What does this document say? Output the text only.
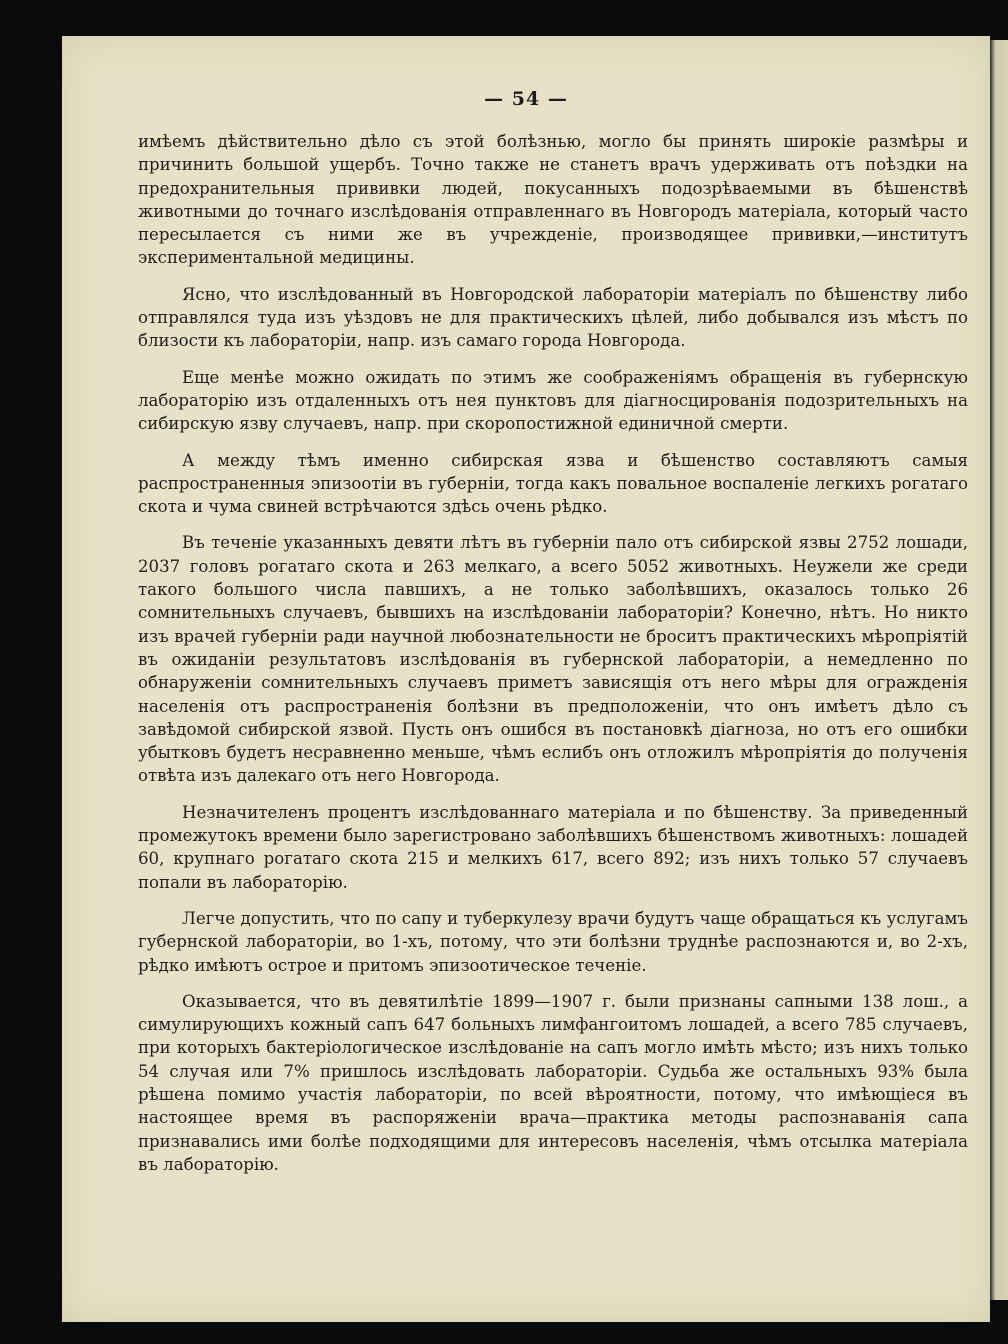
— 54 —

имѣемъ дѣйствительно дѣло съ этой болѣзнью, могло бы принять широкіе размѣры и причинить большой ущербъ. Точно также не станетъ врачъ удерживать отъ поѣздки на предохранительныя прививки людей, покусанныхъ подозрѣваемыми въ бѣшенствѣ животными до точнаго изслѣдованія отправленнаго въ Новгородъ матеріала, который часто пересылается съ ними же въ учрежденіе, производящее прививки,—институтъ экспериментальной медицины.

Ясно, что изслѣдованный въ Новгородской лабораторіи матеріалъ по бѣшенству либо отправлялся туда изъ уѣздовъ не для практическихъ цѣлей, либо добывался изъ мѣстъ по близости къ лабораторіи, напр. изъ самаго города Новгорода.

Еще менѣе можно ожидать по этимъ же соображеніямъ обращенія въ губернскую лабораторію изъ отдаленныхъ отъ нея пунктовъ для діагносцированія подозрительныхъ на сибирскую язву случаевъ, напр. при скоропостижной единичной смерти.

А между тѣмъ именно сибирская язва и бѣшенство составляютъ самыя распространенныя эпизоотіи въ губерніи, тогда какъ повальное воспаленіе легкихъ рогатаго скота и чума свиней встрѣчаются здѣсь очень рѣдко.

Въ теченіе указанныхъ девяти лѣтъ въ губерніи пало отъ сибирской язвы 2752 лошади, 2037 головъ рогатаго скота и 263 мелкаго, а всего 5052 животныхъ. Неужели же среди такого большого числа павшихъ, а не только заболѣвшихъ, оказалось только 26 сомнительныхъ случаевъ, бывшихъ на изслѣдованіи лабораторіи? Конечно, нѣтъ. Но никто изъ врачей губерніи ради научной любознательности не броситъ практическихъ мѣропріятій въ ожиданіи результатовъ изслѣдованія въ губернской лабораторіи, а немедленно по обнаруженіи сомнительныхъ случаевъ приметъ зависящія отъ него мѣры для огражденія населенія отъ распространенія болѣзни въ предположеніи, что онъ имѣетъ дѣло съ завѣдомой сибирской язвой. Пусть онъ ошибся въ постановкѣ діагноза, но отъ его ошибки убытковъ будетъ несравненно меньше, чѣмъ еслибъ онъ отложилъ мѣропріятія до полученія отвѣта изъ далекаго отъ него Новгорода.

Незначителенъ процентъ изслѣдованнаго матеріала и по бѣшенству. За приведенный промежутокъ времени было зарегистровано заболѣвшихъ бѣшенствомъ животныхъ: лошадей 60, крупнаго рогатаго скота 215 и мелкихъ 617, всего 892; изъ нихъ только 57 случаевъ попали въ лабораторію.

Легче допустить, что по сапу и туберкулезу врачи будутъ чаще обращаться къ услугамъ губернской лабораторіи, во 1-хъ, потому, что эти болѣзни труднѣе распознаются и, во 2-хъ, рѣдко имѣютъ острое и притомъ эпизоотическое теченіе.

Оказывается, что въ девятилѣтіе 1899—1907 г. были признаны сапными 138 лош., а симулирующихъ кожный сапъ 647 больныхъ лимфангоитомъ лошадей, а всего 785 случаевъ, при которыхъ бактеріологическое изслѣдованіе на сапъ могло имѣть мѣсто; изъ нихъ только 54 случая или 7% пришлось изслѣдовать лабораторіи. Судьба же остальныхъ 93% была рѣшена помимо участія лабораторіи, по всей вѣроятности, потому, что имѣющіеся въ настоящее время въ распоряженіи врача—практика методы распознаванія сапа признавались ими болѣе подходящими для интересовъ населенія, чѣмъ отсылка матеріала въ лабораторію.
